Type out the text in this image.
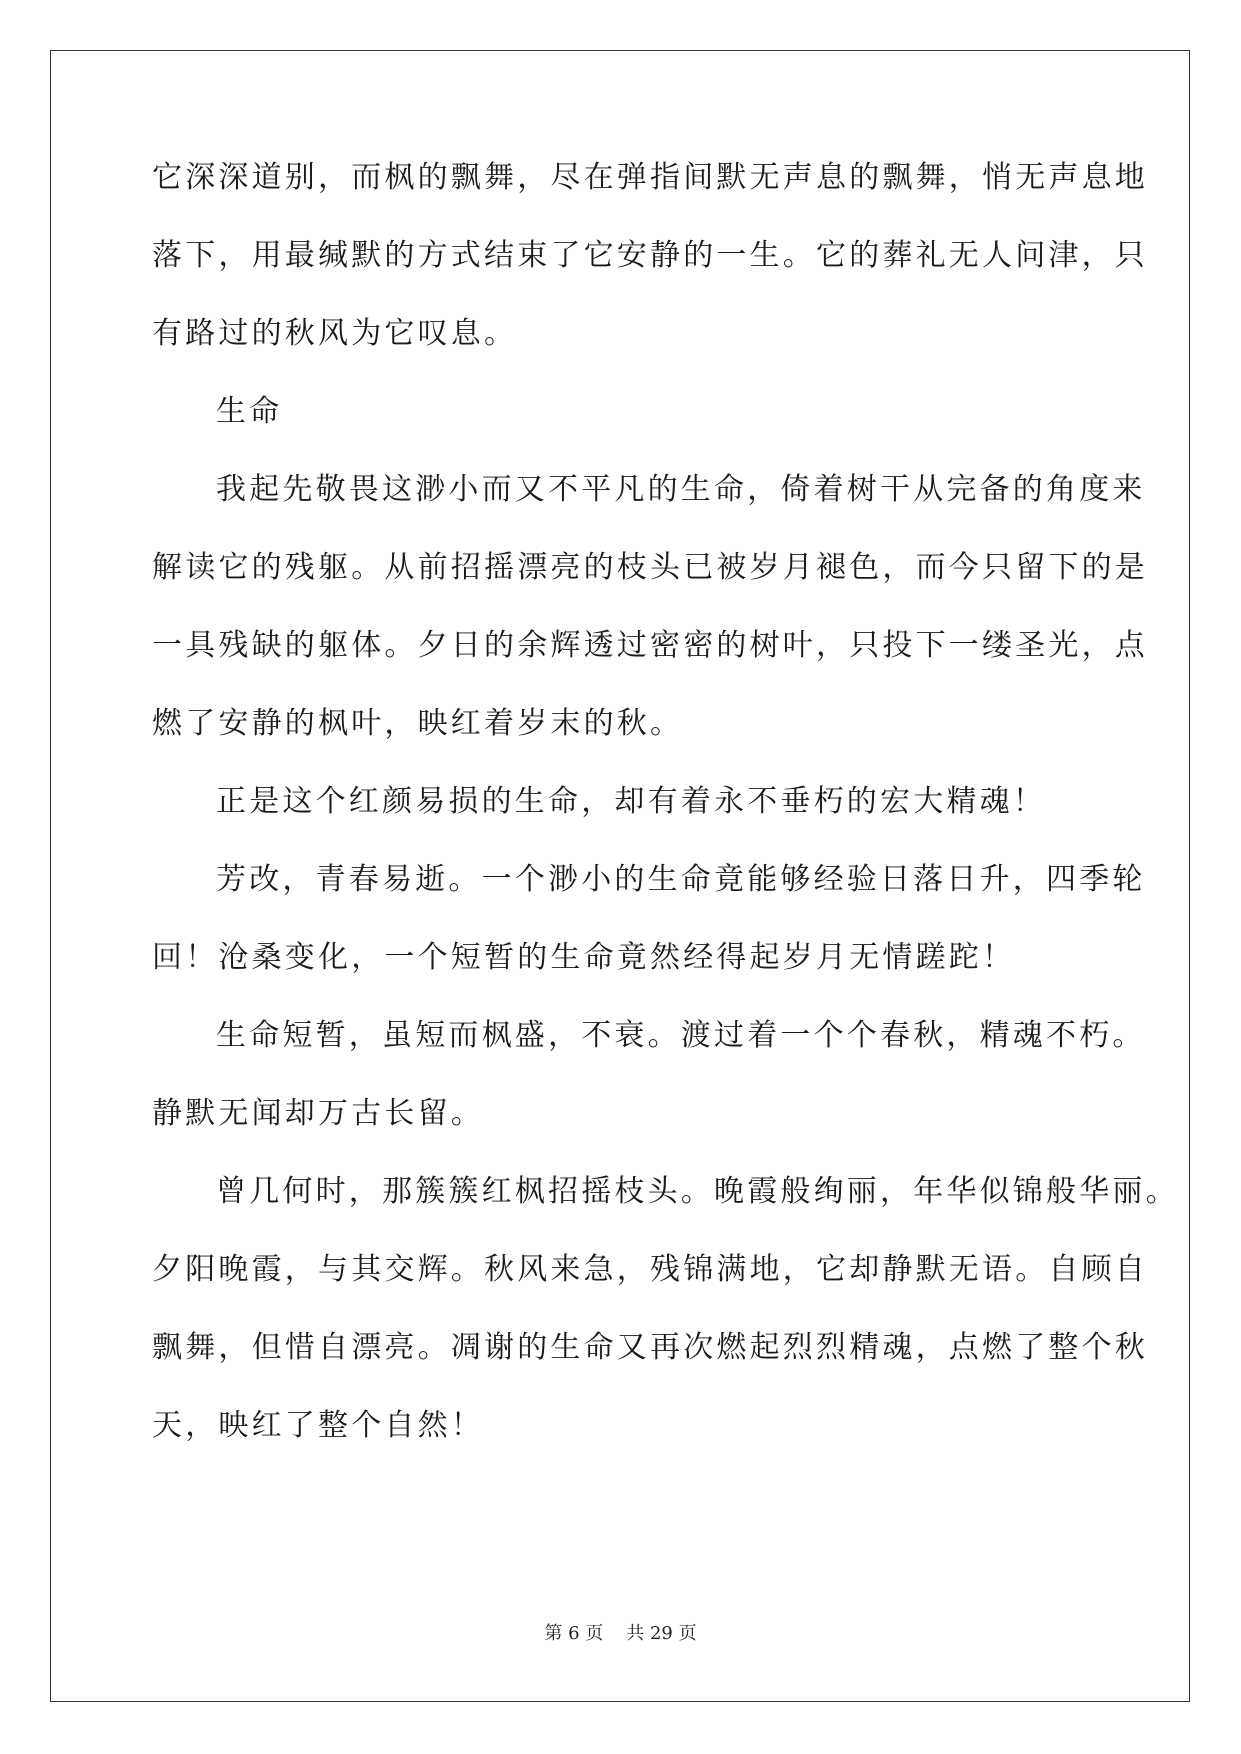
它深深道别，而枫的飘舞，尽在弹指间默无声息的飘舞，悄无声息地
落下，用最缄默的方式结束了它安静的一生。它的葬礼无人问津，只
有路过的秋风为它叹息。
生命
我起先敬畏这渺小而又不平凡的生命，倚着树干从完备的角度来
解读它的残躯。从前招摇漂亮的枝头已被岁月褪色，而今只留下的是
一具残缺的躯体。夕日的余辉透过密密的树叶，只投下一缕圣光，点
燃了安静的枫叶，映红着岁末的秋。
正是这个红颜易损的生命，却有着永不垂朽的宏大精魂！
芳改，青春易逝。一个渺小的生命竟能够经验日落日升，四季轮
回！沧桑变化，一个短暂的生命竟然经得起岁月无情蹉跎！
生命短暂，虽短而枫盛，不衰。渡过着一个个春秋，精魂不朽。
静默无闻却万古长留。
曾几何时，那簇簇红枫招摇枝头。晚霞般绚丽，年华似锦般华丽。
夕阳晚霞，与其交辉。秋风来急，残锦满地，它却静默无语。自顾自
飘舞，但惜自漂亮。凋谢的生命又再次燃起烈烈精魂，点燃了整个秋
天，映红了整个自然！
第 6 页 共 29 页
